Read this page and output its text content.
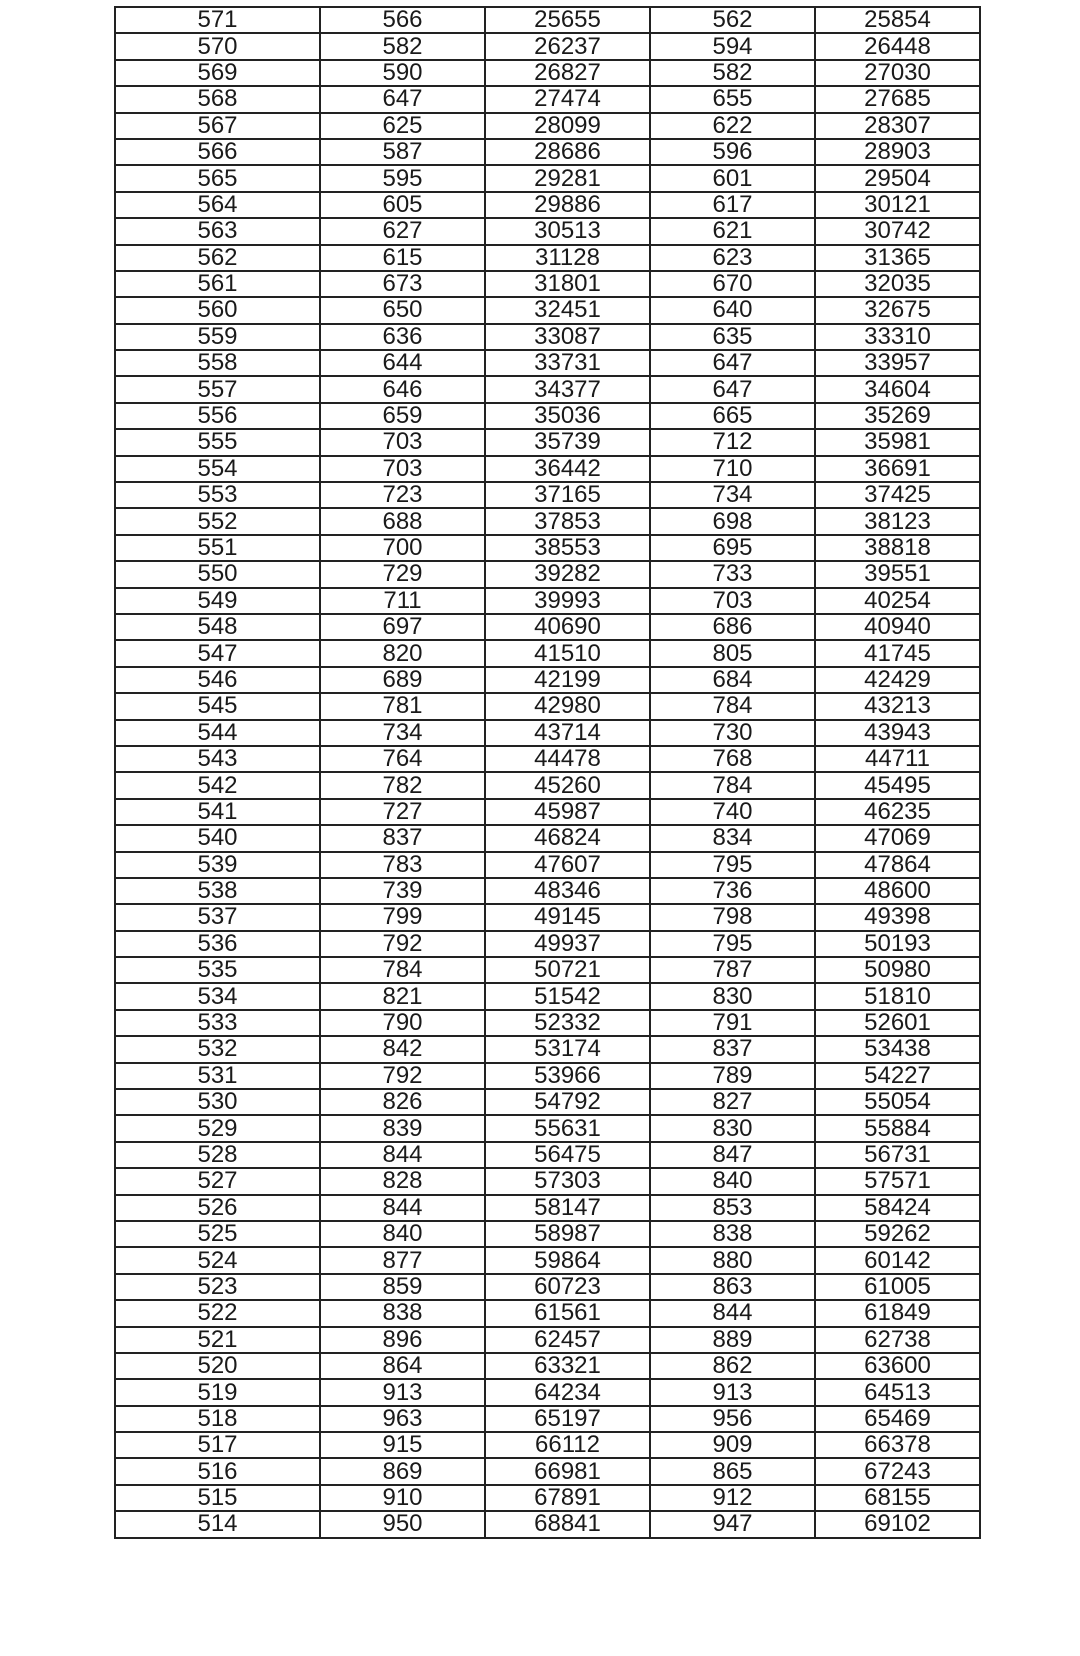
571	566	25655	562	25854
570	582	26237	594	26448
569	590	26827	582	27030
568	647	27474	655	27685
567	625	28099	622	28307
566	587	28686	596	28903
565	595	29281	601	29504
564	605	29886	617	30121
563	627	30513	621	30742
562	615	31128	623	31365
561	673	31801	670	32035
560	650	32451	640	32675
559	636	33087	635	33310
558	644	33731	647	33957
557	646	34377	647	34604
556	659	35036	665	35269
555	703	35739	712	35981
554	703	36442	710	36691
553	723	37165	734	37425
552	688	37853	698	38123
551	700	38553	695	38818
550	729	39282	733	39551
549	711	39993	703	40254
548	697	40690	686	40940
547	820	41510	805	41745
546	689	42199	684	42429
545	781	42980	784	43213
544	734	43714	730	43943
543	764	44478	768	44711
542	782	45260	784	45495
541	727	45987	740	46235
540	837	46824	834	47069
539	783	47607	795	47864
538	739	48346	736	48600
537	799	49145	798	49398
536	792	49937	795	50193
535	784	50721	787	50980
534	821	51542	830	51810
533	790	52332	791	52601
532	842	53174	837	53438
531	792	53966	789	54227
530	826	54792	827	55054
529	839	55631	830	55884
528	844	56475	847	56731
527	828	57303	840	57571
526	844	58147	853	58424
525	840	58987	838	59262
524	877	59864	880	60142
523	859	60723	863	61005
522	838	61561	844	61849
521	896	62457	889	62738
520	864	63321	862	63600
519	913	64234	913	64513
518	963	65197	956	65469
517	915	66112	909	66378
516	869	66981	865	67243
515	910	67891	912	68155
514	950	68841	947	69102
